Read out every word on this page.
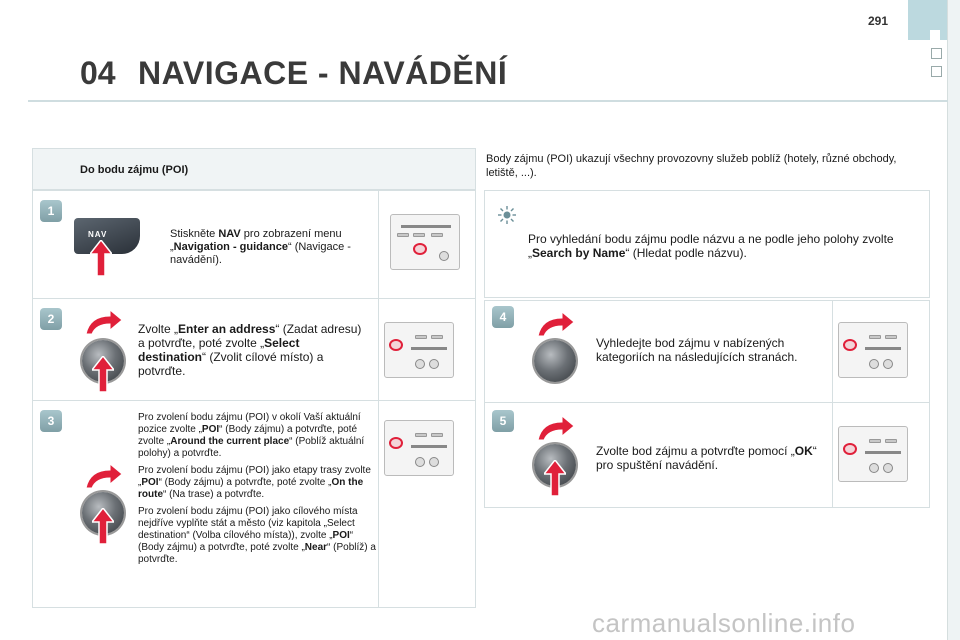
291
04 NAVIGACE - NAVÁDĚNÍ
Do bodu zájmu (POI)
Body zájmu (POI) ukazují všechny provozovny služeb poblíž (hotely, různé obchody, letiště, ...).
1
NAV	Stiskněte NAV pro zobrazení menu „Navigation - guidance“ (Navigace - navádění).
2
Zvolte „Enter an address“ (Zadat adresu) a potvrďte, poté zvolte „Select destination“ (Zvolit cílové místo) a potvrďte.
3	Pro zvolení bodu zájmu (POI) v okolí Vaší aktuální pozice zvolte „POI“ (Body zájmu) a potvrďte, poté zvolte „Around the current place“ (Poblíž aktuální polohy) a potvrďte.

Pro zvolení bodu zájmu (POI) jako etapy trasy zvolte „POI“ (Body zájmu) a potvrďte, poté zvolte „On the route“ (Na trase) a potvrďte.

Pro zvolení bodu zájmu (POI) jako cílového místa nejdříve vyplňte stát a město (viz kapitola „Select destination“ (Volba cílového místa)), zvolte „POI“ (Body zájmu) a potvrďte, poté zvolte „Near“ (Poblíž) a potvrďte.

Pro vyhledání bodu zájmu podle názvu a ne podle jeho polohy zvolte „Search by Name“ (Hledat podle názvu).
4
Vyhledejte bod zájmu v nabízených kategoriích na následujících stranách.
5
Zvolte bod zájmu a potvrďte pomocí „OK“ pro spuštění navádění.
carmanualsonline.info
